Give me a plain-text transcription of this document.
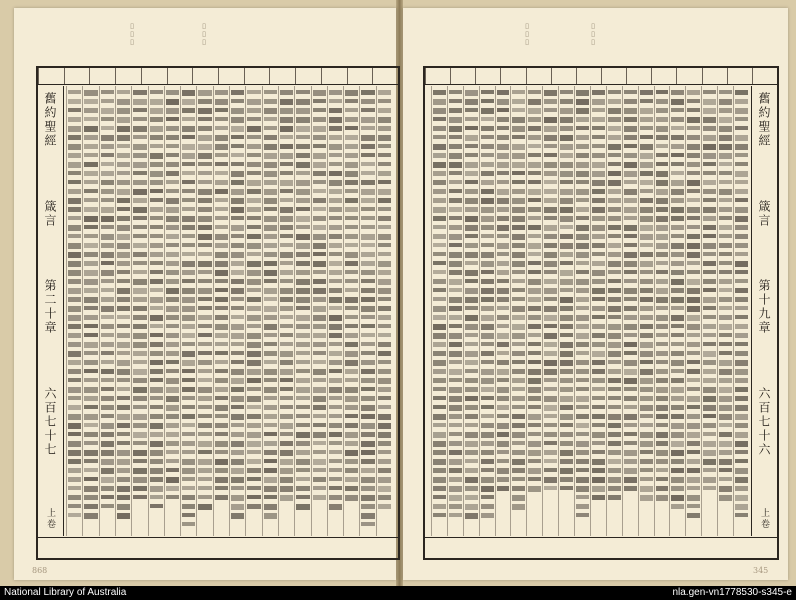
▯▯▯	▯▯▯
舊約聖經
箴言
第二十章
六百七十七
上卷
868
▯▯▯	▯▯▯
舊約聖經
箴言
第十九章
六百七十六
上卷
345
National Library of Australia	nla.gen-vn1778530-s345-e
